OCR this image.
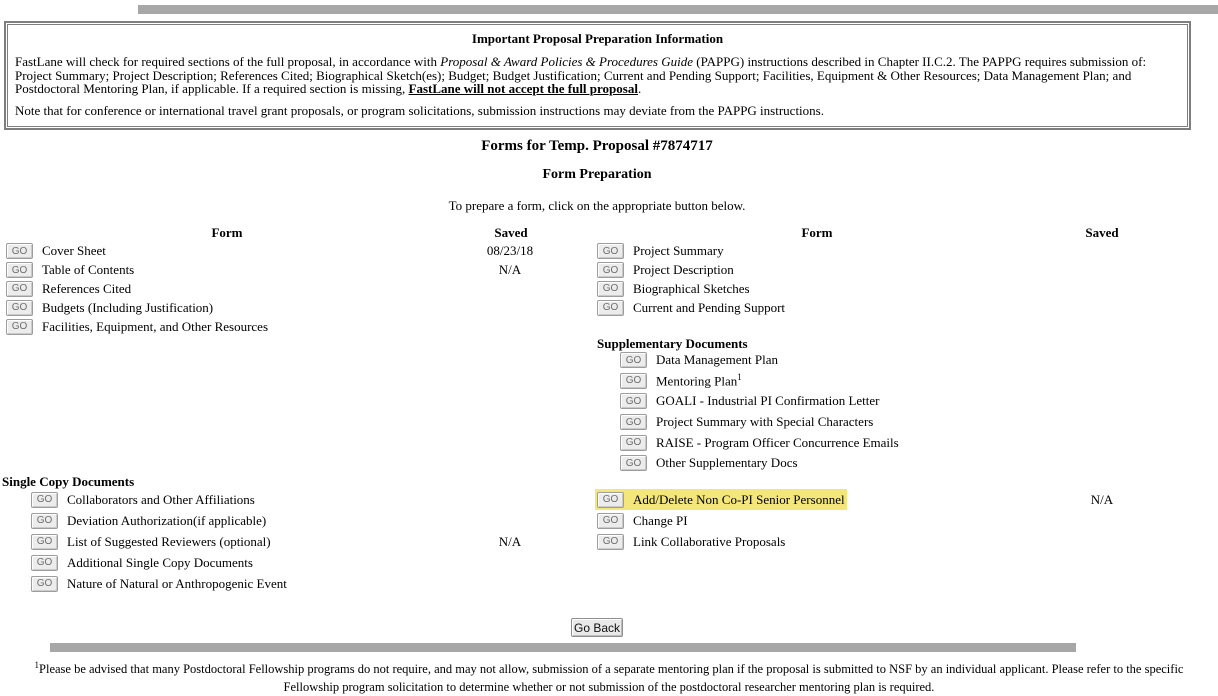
Important Proposal Preparation Information

FastLane will check for required sections of the full proposal, in accordance with Proposal & Award Policies & Procedures Guide (PAPPG) instructions described in Chapter II.C.2. The PAPPG requires submission of: Project Summary; Project Description; References Cited; Biographical Sketch(es); Budget; Budget Justification; Current and Pending Support; Facilities, Equipment & Other Resources; Data Management Plan; and Postdoctoral Mentoring Plan, if applicable. If a required section is missing, FastLane will not accept the full proposal.

Note that for conference or international travel grant proposals, or program solicitations, submission instructions may deviate from the PAPPG instructions.

Forms for Temp. Proposal #7874717
Form Preparation
To prepare a form, click on the appropriate button below.
Form	Saved
GO	Cover Sheet	08/23/18
GO	Table of Contents	N/A
GO	References Cited
GO	Budgets (Including Justification)
GO	Facilities, Equipment, and Other Resources
Form	Saved
GO	Project Summary
GO	Project Description
GO	Biographical Sketches
GO	Current and Pending Support
Supplementary Documents
GO	Data Management Plan
GO	Mentoring Plan$^1$
GO	GOALI - Industrial PI Confirmation Letter
GO	Project Summary with Special Characters
GO	RAISE - Program Officer Concurrence Emails
GO	Other Supplementary Docs
Single Copy Documents
GO	Collaborators and Other Affiliations
GO	Deviation Authorization(if applicable)
GO	List of Suggested Reviewers (optional)	N/A
GO	Additional Single Copy Documents
GO	Nature of Natural or Anthropogenic Event
GO	Add/Delete Non Co-PI Senior Personnel	N/A
GO	Change PI
GO	Link Collaborative Proposals
Go Back
$^1$Please be advised that many Postdoctoral Fellowship programs do not require, and may not allow, submission of a separate mentoring plan if the proposal is submitted to NSF by an individual applicant. Please refer to the specific Fellowship program solicitation to determine whether or not submission of the postdoctoral researcher mentoring plan is required.
